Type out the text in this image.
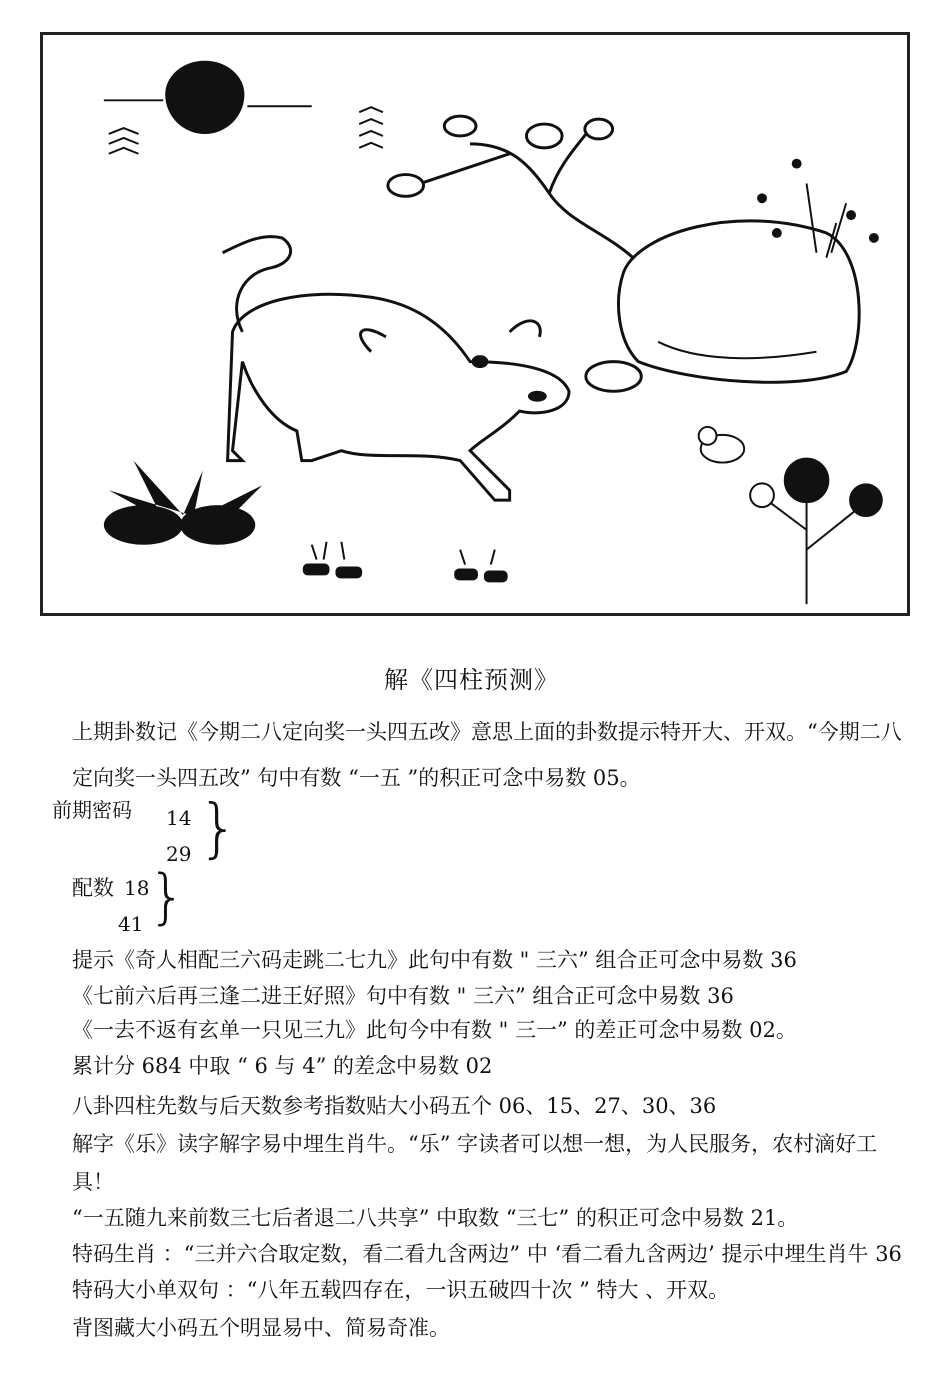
解《四柱预测》
上期卦数记《今期二八定向奖一头四五改》意思上面的卦数提示特开大、开双。“今期二八
定向奖一头四五改” 句中有数 “一五 ”的积正可念中易数 05。
前期密码 14
29 }
配数 18
41 }
提示《奇人相配三六码走跳二七九》此句中有数 " 三六” 组合正可念中易数 36
《七前六后再三逢二进王好照》句中有数 " 三六” 组合正可念中易数 36
《一去不返有玄单一只见三九》此句今中有数 " 三一” 的差正可念中易数 02。
累计分 684 中取 “ 6 与 4” 的差念中易数 02
八卦四柱先数与后天数参考指数贴大小码五个 06、15、27、30、36
解字《乐》读字解字易中埋生肖牛。“乐” 字读者可以想一想，为人民服务，农村滴好工
具！
“一五随九来前数三七后者退二八共享” 中取数 “三七” 的积正可念中易数 21。
特码生肖 ：“三并六合取定数，看二看九含两边” 中 ‘看二看九含两边’ 提示中埋生肖牛 36
特码大小单双句 ：“八年五载四存在，一识五破四十次 ” 特大 、开双。
背图藏大小码五个明显易中、简易奇准。
